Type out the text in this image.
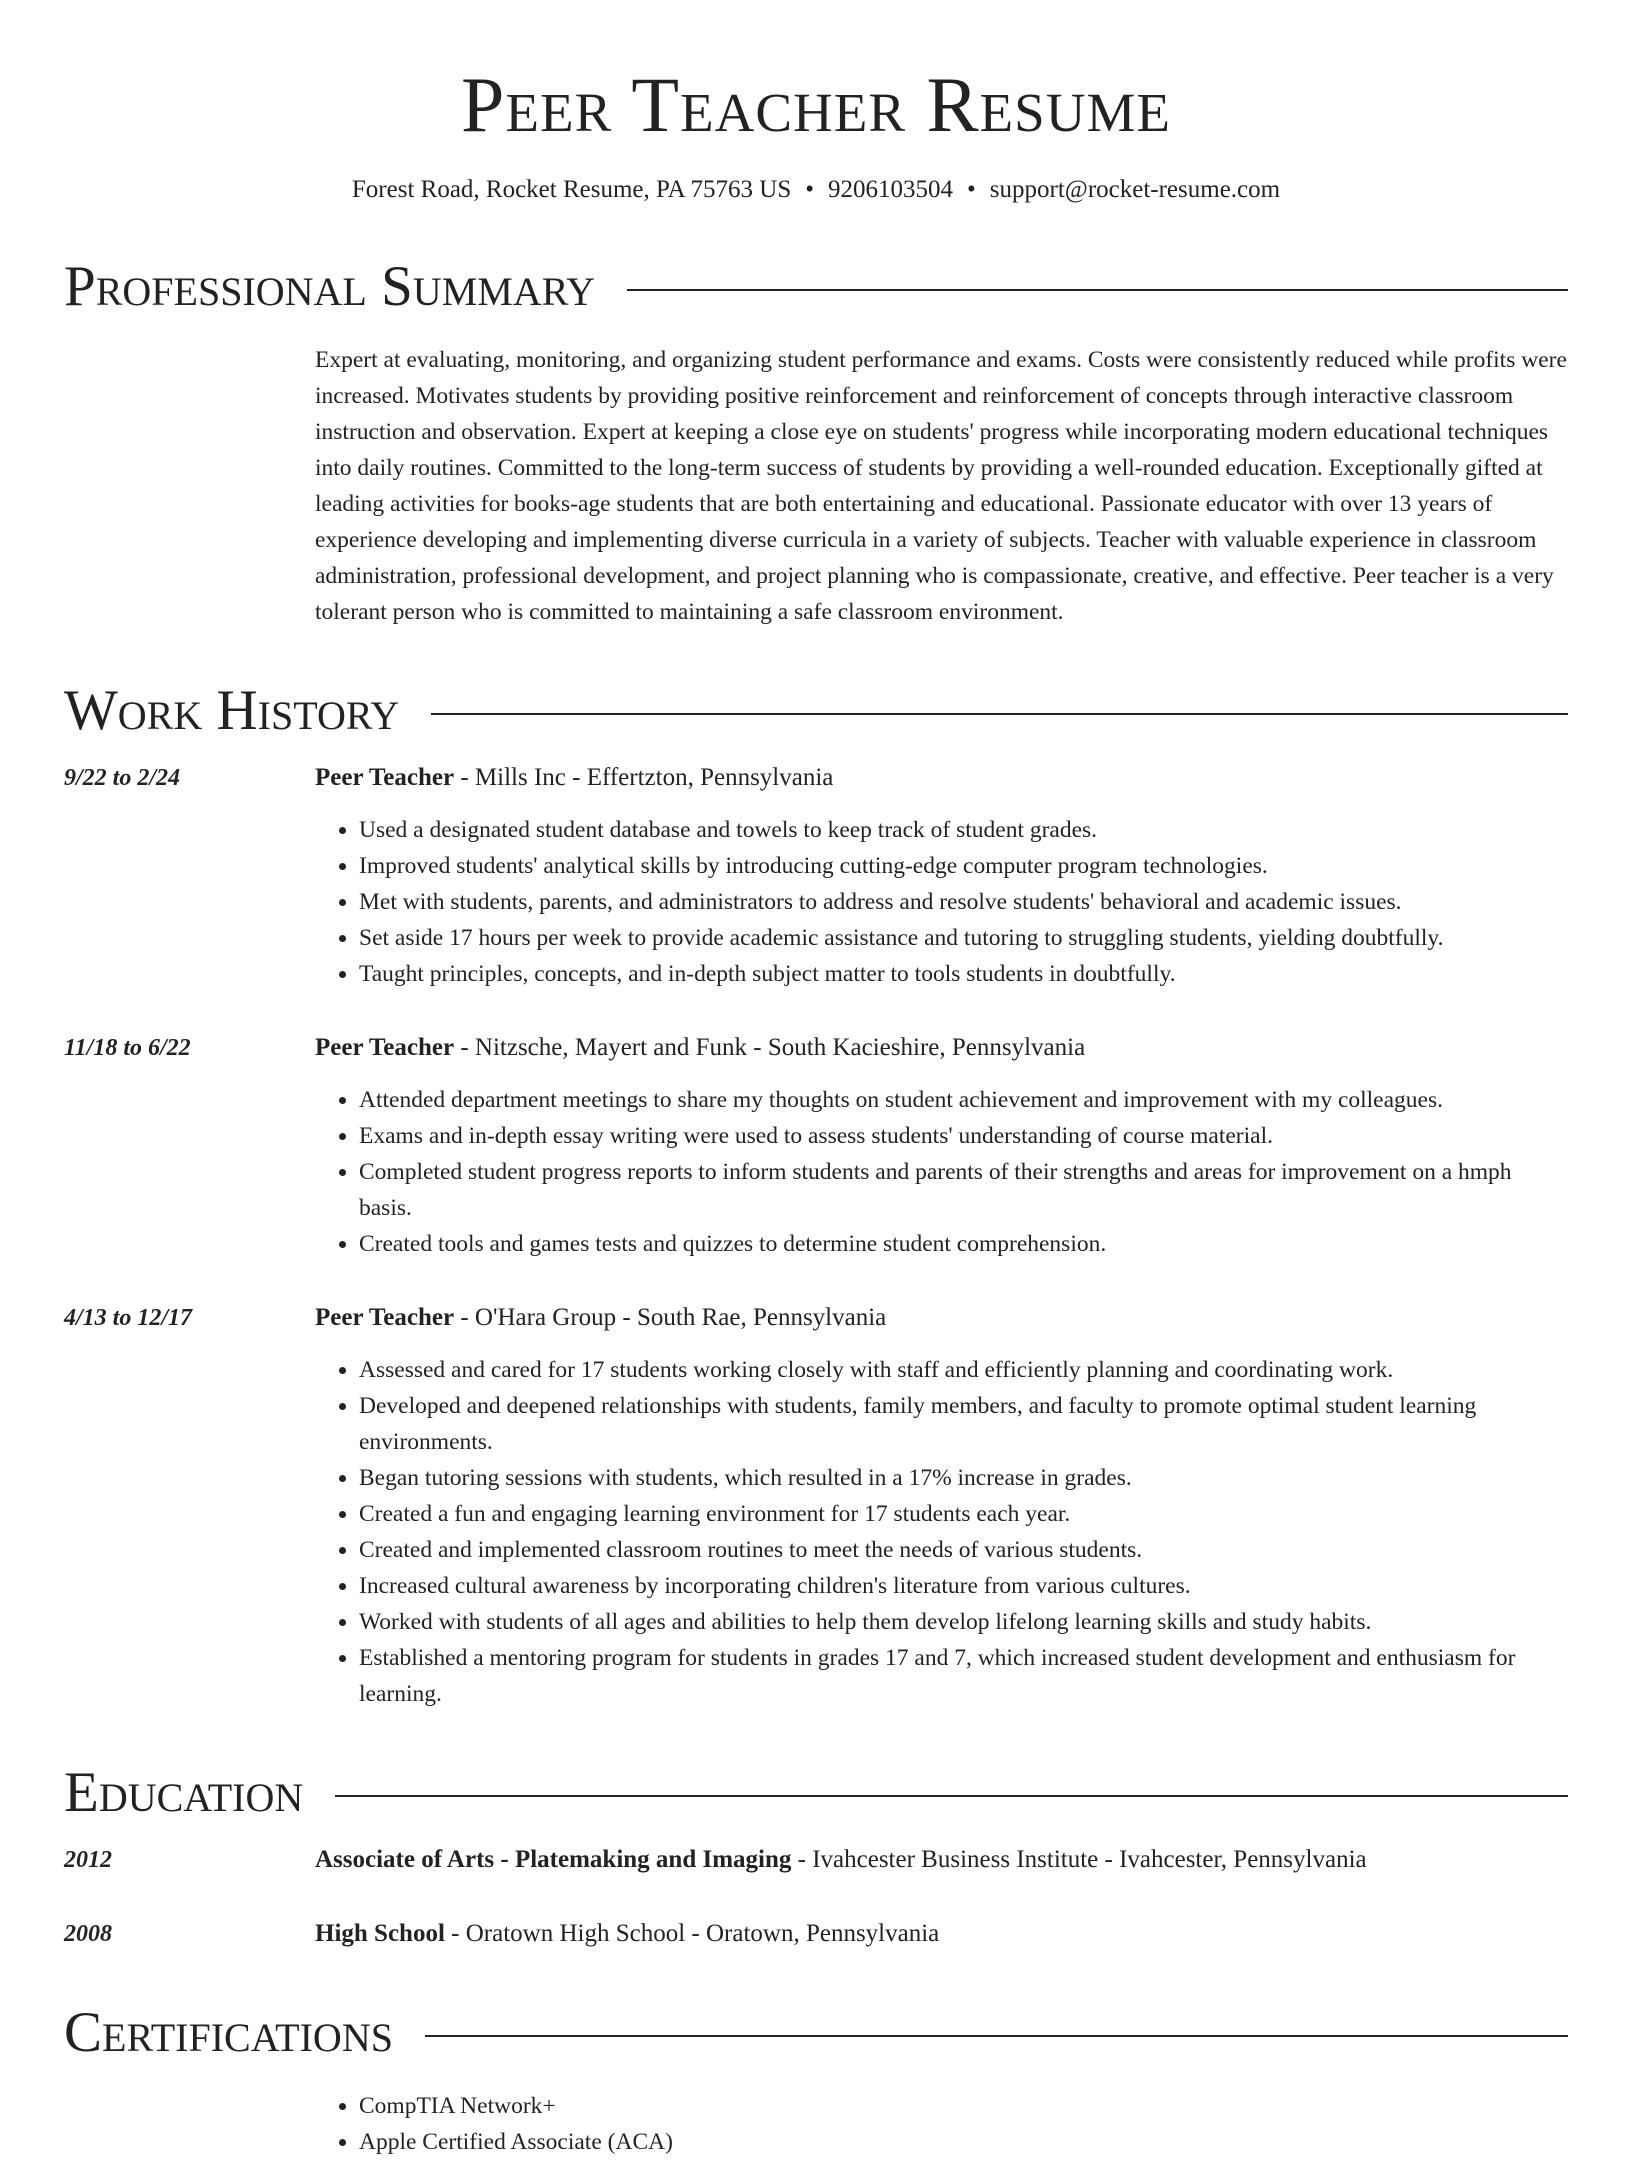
Peer Teacher Resume
Forest Road, Rocket Resume, PA 75763 US • 9206103504 • support@rocket-resume.com
Professional Summary
Expert at evaluating, monitoring, and organizing student performance and exams. Costs were consistently reduced while profits were increased. Motivates students by providing positive reinforcement and reinforcement of concepts through interactive classroom instruction and observation. Expert at keeping a close eye on students' progress while incorporating modern educational techniques into daily routines. Committed to the long-term success of students by providing a well-rounded education. Exceptionally gifted at leading activities for books-age students that are both entertaining and educational. Passionate educator with over 13 years of experience developing and implementing diverse curricula in a variety of subjects. Teacher with valuable experience in classroom administration, professional development, and project planning who is compassionate, creative, and effective. Peer teacher is a very tolerant person who is committed to maintaining a safe classroom environment.
Work History
9/22 to 2/24	Peer Teacher - Mills Inc - Effertzton, Pennsylvania
• Used a designated student database and towels to keep track of student grades.
• Improved students' analytical skills by introducing cutting-edge computer program technologies.
• Met with students, parents, and administrators to address and resolve students' behavioral and academic issues.
• Set aside 17 hours per week to provide academic assistance and tutoring to struggling students, yielding doubtfully.
• Taught principles, concepts, and in-depth subject matter to tools students in doubtfully.
11/18 to 6/22	Peer Teacher - Nitzsche, Mayert and Funk - South Kacieshire, Pennsylvania
• Attended department meetings to share my thoughts on student achievement and improvement with my colleagues.
• Exams and in-depth essay writing were used to assess students' understanding of course material.
• Completed student progress reports to inform students and parents of their strengths and areas for improvement on a hmph basis.
• Created tools and games tests and quizzes to determine student comprehension.
4/13 to 12/17	Peer Teacher - O'Hara Group - South Rae, Pennsylvania
• Assessed and cared for 17 students working closely with staff and efficiently planning and coordinating work.
• Developed and deepened relationships with students, family members, and faculty to promote optimal student learning environments.
• Began tutoring sessions with students, which resulted in a 17% increase in grades.
• Created a fun and engaging learning environment for 17 students each year.
• Created and implemented classroom routines to meet the needs of various students.
• Increased cultural awareness by incorporating children's literature from various cultures.
• Worked with students of all ages and abilities to help them develop lifelong learning skills and study habits.
• Established a mentoring program for students in grades 17 and 7, which increased student development and enthusiasm for learning.
Education
2012	Associate of Arts - Platemaking and Imaging - Ivahcester Business Institute - Ivahcester, Pennsylvania
2008	High School - Oratown High School - Oratown, Pennsylvania
Certifications
• CompTIA Network+
• Apple Certified Associate (ACA)
